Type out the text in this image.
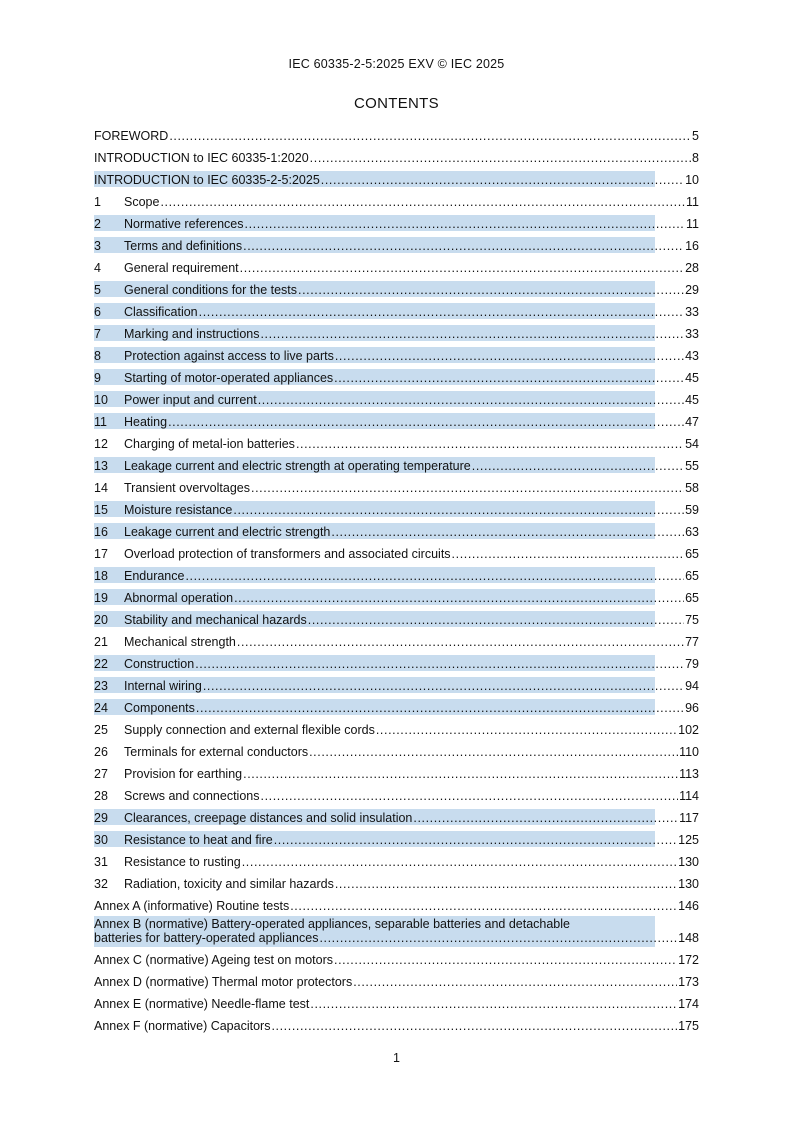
IEC 60335-2-5:2025 EXV © IEC 2025
CONTENTS
FOREWORD .....	5
INTRODUCTION to IEC 60335-1:2020 .....	8
INTRODUCTION to IEC 60335-2-5:2025 .....	10
1	Scope .....	11
2	Normative references .....	11
3	Terms and definitions .....	16
4	General requirement .....	28
5	General conditions for the tests .....	29
6	Classification .....	33
7	Marking and instructions .....	33
8	Protection against access to live parts .....	43
9	Starting of motor-operated appliances .....	45
10	Power input and current .....	45
11	Heating .....	47
12	Charging of metal-ion batteries .....	54
13	Leakage current and electric strength at operating temperature .....	55
14	Transient overvoltages .....	58
15	Moisture resistance .....	59
16	Leakage current and electric strength .....	63
17	Overload protection of transformers and associated circuits .....	65
18	Endurance .....	65
19	Abnormal operation .....	65
20	Stability and mechanical hazards .....	75
21	Mechanical strength .....	77
22	Construction .....	79
23	Internal wiring .....	94
24	Components .....	96
25	Supply connection and external flexible cords .....	102
26	Terminals for external conductors .....	110
27	Provision for earthing .....	113
28	Screws and connections .....	114
29	Clearances, creepage distances and solid insulation .....	117
30	Resistance to heat and fire .....	125
31	Resistance to rusting .....	130
32	Radiation, toxicity and similar hazards .....	130
Annex A (informative) Routine tests .....	146
Annex B (normative) Battery-operated appliances, separable batteries and detachable
batteries for battery-operated appliances .....	148
Annex C (normative) Ageing test on motors .....	172
Annex D (normative) Thermal motor protectors .....	173
Annex E (normative) Needle-flame test .....	174
Annex F (normative) Capacitors .....	175
1
